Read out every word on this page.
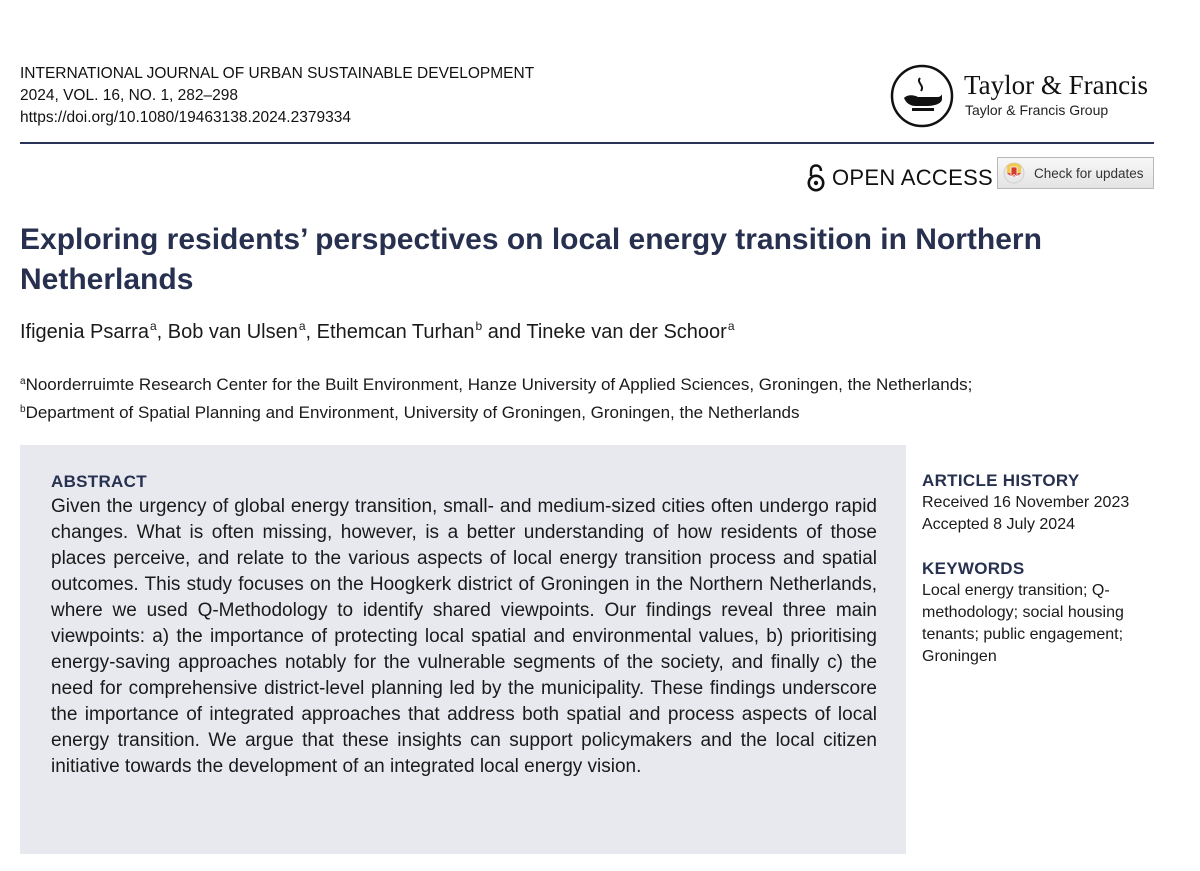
INTERNATIONAL JOURNAL OF URBAN SUSTAINABLE DEVELOPMENT
2024, VOL. 16, NO. 1, 282–298
https://doi.org/10.1080/19463138.2024.2379334
Taylor & Francis
Taylor & Francis Group
OPEN ACCESS	Check for updates
Exploring residents’ perspectives on local energy transition in Northern Netherlands
Ifigenia Psarra$^a$, Bob van Ulsen$^a$, Ethemcan Turhan$^b$ and Tineke van der Schoor$^a$
$^a$Noorderruimte Research Center for the Built Environment, Hanze University of Applied Sciences, Groningen, the Netherlands;
$^b$Department of Spatial Planning and Environment, University of Groningen, Groningen, the Netherlands
ABSTRACT

Given the urgency of global energy transition, small- and medium-sized cities often undergo rapid changes. What is often missing, however, is a better understanding of how residents of those places perceive, and relate to the various aspects of local energy transition process and spatial outcomes. This study focuses on the Hoogkerk district of Groningen in the Northern Netherlands, where we used Q-Methodology to identify shared viewpoints. Our findings reveal three main viewpoints: a) the importance of protecting local spatial and environmental values, b) prioritising energy-saving approaches notably for the vulnerable segments of the society, and finally c) the need for comprehensive district-level planning led by the municipality. These findings underscore the importance of integrated approaches that address both spatial and process aspects of local energy transition. We argue that these insights can support policymakers and the local citizen initiative towards the development of an integrated local energy vision.

ARTICLE HISTORY
Received 16 November 2023
Accepted 8 July 2024
KEYWORDS
Local energy transition; Q-methodology; social housing tenants; public engagement; Groningen
